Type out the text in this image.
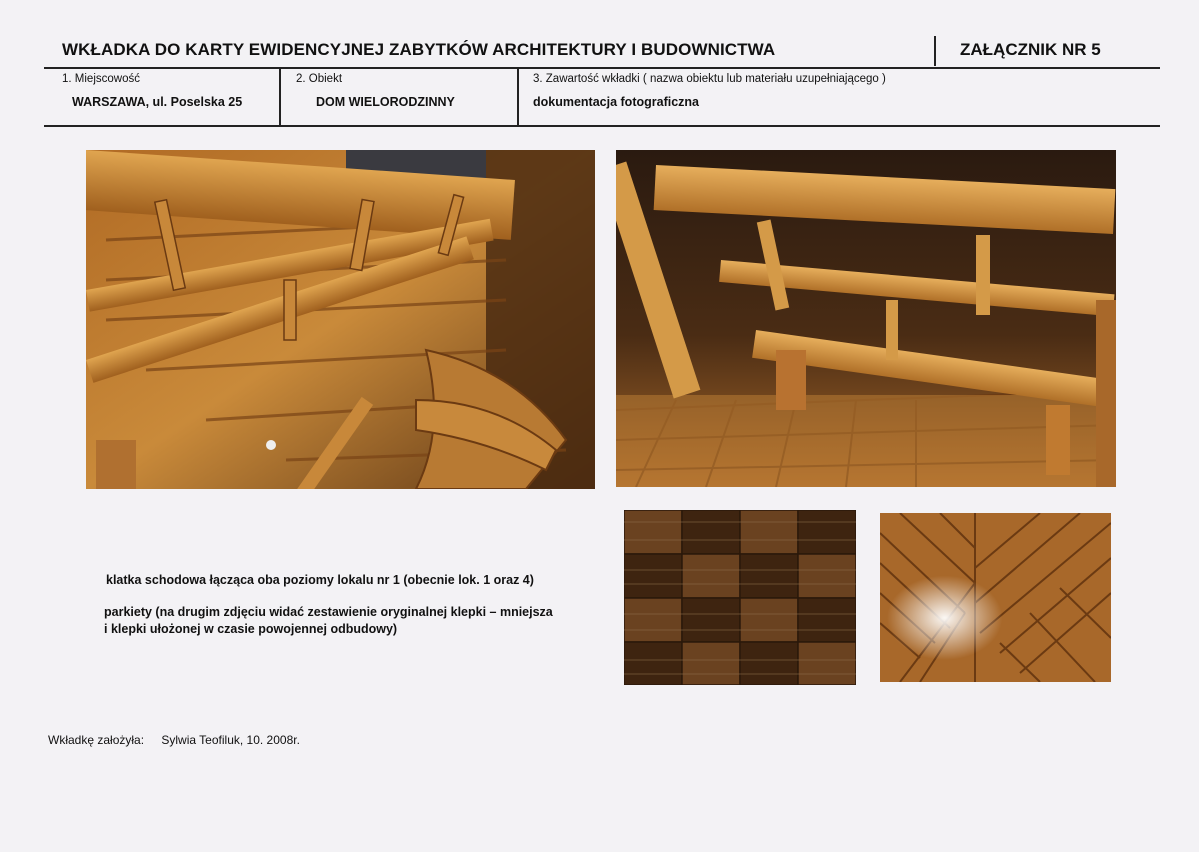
WKŁADKA DO KARTY EWIDENCYJNEJ ZABYTKÓW ARCHITEKTURY I BUDOWNICTWA	ZAŁĄCZNIK NR 5
1. Miejscowość
WARSZAWA, ul. Poselska 25
2. Obiekt
DOM WIELORODZINNY
3. Zawartość wkładki ( nazwa obiektu lub materiału uzupełniającego )
dokumentacja fotograficzna
klatka schodowa łącząca oba poziomy lokalu nr 1 (obecnie lok. 1 oraz 4)
parkiety (na drugim zdjęciu widać zestawienie oryginalnej klepki – mniejsza
i klepki ułożonej w czasie powojennej odbudowy)
Wkładkę założyła: Sylwia Teofiluk, 10. 2008r.
